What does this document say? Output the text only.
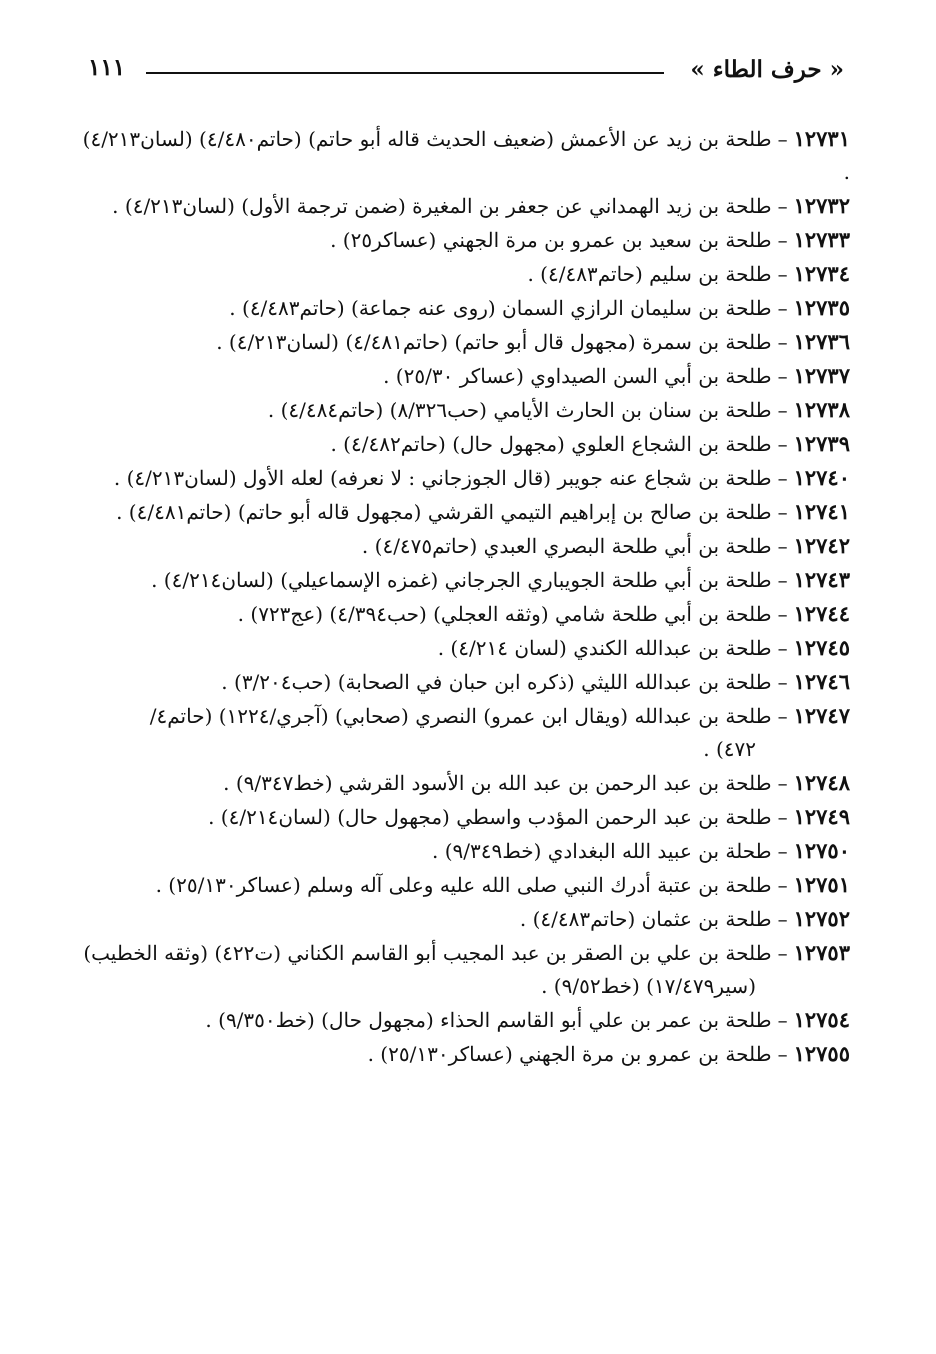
« حرف الطاء »
١١١

١٢٧٣١–طلحة بن زيد عن الأعمش (ضعيف الحديث قاله أبو حاتم) (حاتم٤/٤٨٠) (لسان٤/٢١٣) .

١٢٧٣٢–طلحة بن زيد الهمداني عن جعفر بن المغيرة (ضمن ترجمة الأول) (لسان٤/٢١٣) .

١٢٧٣٣–طلحة بن سعيد بن عمرو بن مرة الجهني (عساكر٢٥) .

١٢٧٣٤–طلحة بن سليم (حاتم٤/٤٨٣) .

١٢٧٣٥–طلحة بن سليمان الرازي السمان (روى عنه جماعة) (حاتم٤/٤٨٣) .

١٢٧٣٦–طلحة بن سمرة (مجهول قال أبو حاتم) (حاتم٤/٤٨١) (لسان٤/٢١٣) .

١٢٧٣٧–طلحة بن أبي السن الصيداوي (عساكر ٢٥/٣٠) .

١٢٧٣٨–طلحة بن سنان بن الحارث الأيامي (حب٨/٣٢٦) (حاتم٤/٤٨٤) .

١٢٧٣٩–طلحة بن الشجاع العلوي (مجهول حال) (حاتم٤/٤٨٢) .

١٢٧٤٠–طلحة بن شجاع عنه جويبر (قال الجوزجاني : لا نعرفه) لعله الأول (لسان٤/٢١٣) .

١٢٧٤١–طلحة بن صالح بن إبراهيم التيمي القرشي (مجهول قاله أبو حاتم) (حاتم٤/٤٨١) .

١٢٧٤٢–طلحة بن أبي طلحة البصري العبدي (حاتم٤/٤٧٥) .

١٢٧٤٣–طلحة بن أبي طلحة الجويباري الجرجاني (غمزه الإسماعيلي) (لسان٤/٢١٤) .

١٢٧٤٤–طلحة بن أبي طلحة شامي (وثقه العجلي) (حب٤/٣٩٤) (عج٧٢٣) .

١٢٧٤٥–طلحة بن عبدالله الكندي (لسان ٤/٢١٤) .

١٢٧٤٦–طلحة بن عبدالله الليثي (ذكره ابن حبان في الصحابة) (حب٣/٢٠٤) .

١٢٧٤٧–طلحة بن عبدالله (ويقال ابن عمرو) النصري (صحابي) (آجري/١٢٢٤) (حاتم٤/

٤٧٢) .

١٢٧٤٨–طلحة بن عبد الرحمن بن عبد الله بن الأسود القرشي (خط٩/٣٤٧) .

١٢٧٤٩–طلحة بن عبد الرحمن المؤدب واسطي (مجهول حال) (لسان٤/٢١٤) .

١٢٧٥٠–طحلة بن عبيد الله البغدادي (خط٩/٣٤٩) .

١٢٧٥١–طلحة بن عتبة أدرك النبي صلى الله عليه وعلى آله وسلم (عساكر٢٥/١٣٠) .

١٢٧٥٢–طلحة بن عثمان (حاتم٤/٤٨٣) .

١٢٧٥٣–طلحة بن علي بن الصقر بن عبد المجيب أبو القاسم الكناني (ت٤٢٢) (وثقه الخطيب)

(سير١٧/٤٧٩) (خط٩/٥٢) .

١٢٧٥٤–طلحة بن عمر بن علي أبو القاسم الحذاء (مجهول حال) (خط٩/٣٥٠) .

١٢٧٥٥–طلحة بن عمرو بن مرة الجهني (عساكر٢٥/١٣٠) .
